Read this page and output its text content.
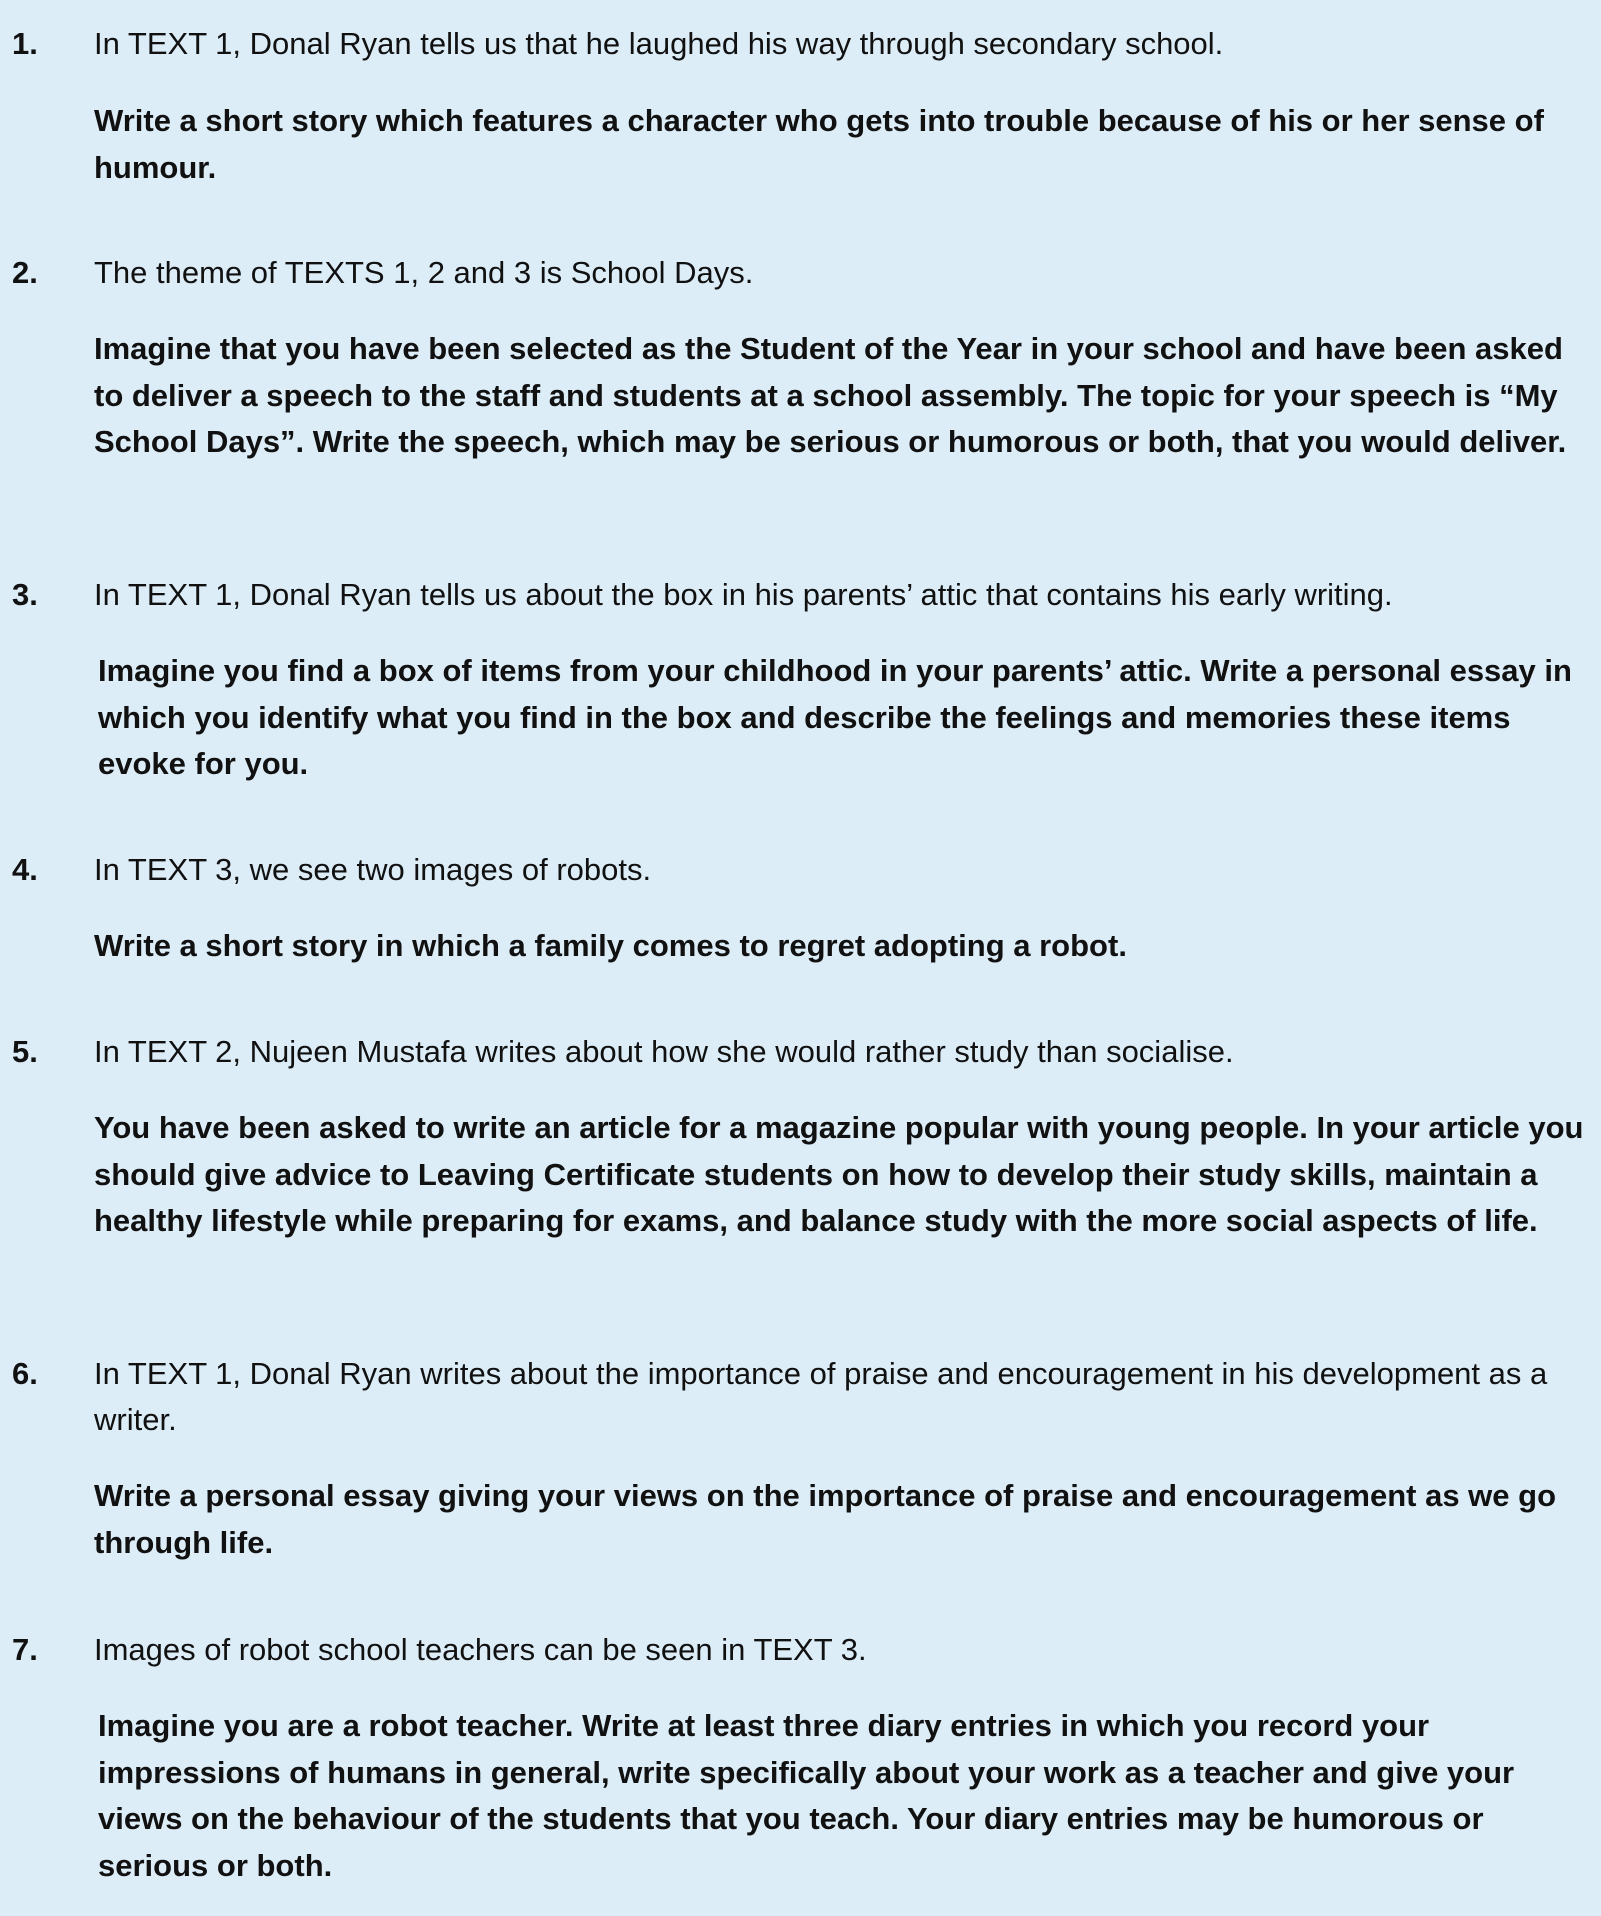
1. In TEXT 1, Donal Ryan tells us that he laughed his way through secondary school.
Write a short story which features a character who gets into trouble because of his or her sense of humour.
2. The theme of TEXTS 1, 2 and 3 is School Days.
Imagine that you have been selected as the Student of the Year in your school and have been asked to deliver a speech to the staff and students at a school assembly. The topic for your speech is “My School Days”. Write the speech, which may be serious or humorous or both, that you would deliver.
3. In TEXT 1, Donal Ryan tells us about the box in his parents’ attic that contains his early writing.
Imagine you find a box of items from your childhood in your parents’ attic. Write a personal essay in which you identify what you find in the box and describe the feelings and memories these items evoke for you.
4. In TEXT 3, we see two images of robots.
Write a short story in which a family comes to regret adopting a robot.
5. In TEXT 2, Nujeen Mustafa writes about how she would rather study than socialise.
You have been asked to write an article for a magazine popular with young people. In your article you should give advice to Leaving Certificate students on how to develop their study skills, maintain a healthy lifestyle while preparing for exams, and balance study with the more social aspects of life.
6. In TEXT 1, Donal Ryan writes about the importance of praise and encouragement in his development as a writer.
Write a personal essay giving your views on the importance of praise and encouragement as we go through life.
7. Images of robot school teachers can be seen in TEXT 3.
Imagine you are a robot teacher. Write at least three diary entries in which you record your impressions of humans in general, write specifically about your work as a teacher and give your views on the behaviour of the students that you teach. Your diary entries may be humorous or serious or both.
